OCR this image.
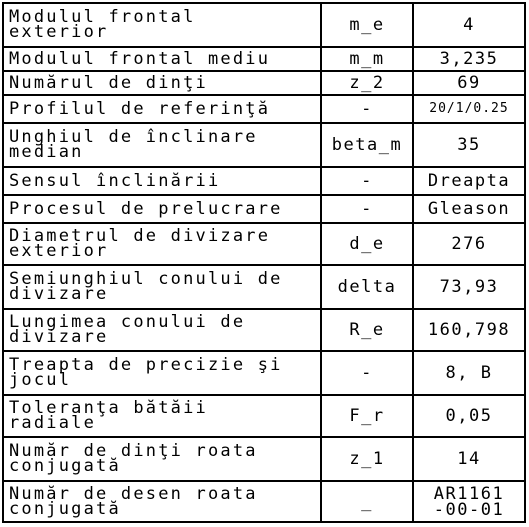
Modulul frontal
exterior	m_e	4
Modulul frontal mediu	m_m	3,235
Numărul de dinţi	z_2	69
Profilul de referinţă	-	20/1/0.25
Unghiul de înclinare
median	beta_m	35
Sensul înclinării	-	Dreapta
Procesul de prelucrare	-	Gleason
Diametrul de divizare
exterior	d_e	276
Semiunghiul conului de
divizare	delta	73,93
Lungimea conului de
divizare	R_e	160,798
Treapta de precizie şi
jocul	-	8, B
Toleranţa bătăii
radiale	F_r	0,05
Număr de dinţi roata
conjugată	z_1	14
Număr de desen roata
conjugată	_	AR1161
-00-01
